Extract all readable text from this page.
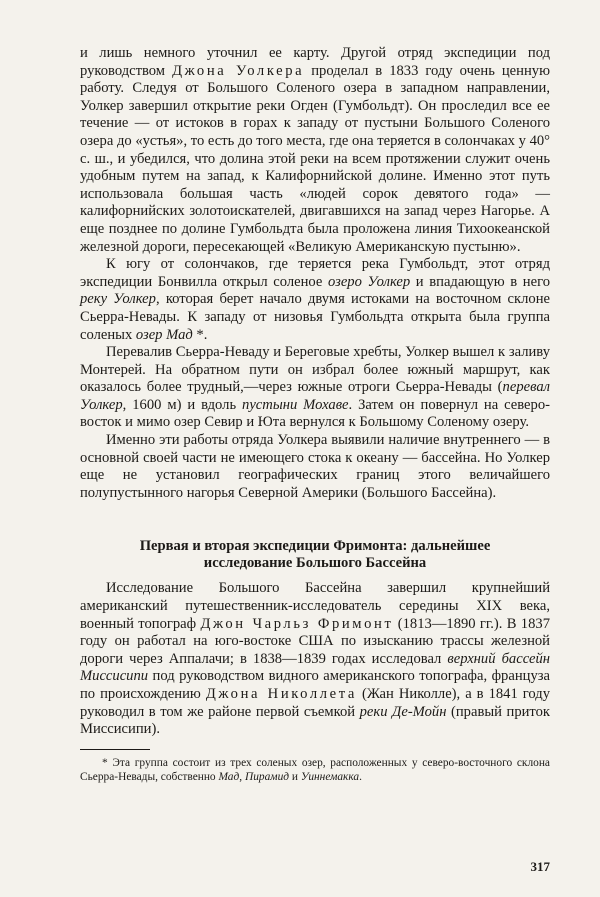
и лишь немного уточнил ее карту. Другой отряд экспедиции под руководством Джона Уолкера проделал в 1833 году очень ценную работу. Следуя от Большого Соленого озера в западном направлении, Уолкер завершил открытие реки Огден (Гумбольдт). Он проследил все ее течение — от истоков в горах к западу от пустыни Большого Соленого озера до «устья», то есть до того места, где она теряется в солончаках у 40° с. ш., и убедился, что долина этой реки на всем протяжении служит очень удобным путем на запад, к Калифорнийской долине. Именно этот путь использовала большая часть «людей сорок девятого года» — калифорнийских золотоискателей, двигавшихся на запад через Нагорье. А еще позднее по долине Гумбольдта была проложена линия Тихоокеанской железной дороги, пересекающей «Великую Американскую пустыню».

К югу от солончаков, где теряется река Гумбольдт, этот отряд экспедиции Бонвилла открыл соленое озеро Уолкер и впадающую в него реку Уолкер, которая берет начало двумя истоками на восточном склоне Сьерра-Невады. К западу от низовья Гумбольдта открыта была группа соленых озер Мад *.

Перевалив Сьерра-Неваду и Береговые хребты, Уолкер вышел к заливу Монтерей. На обратном пути он избрал более южный маршрут, как оказалось более трудный,—через южные отроги Сьерра-Невады (перевал Уолкер, 1600 м) и вдоль пустыни Мохаве. Затем он повернул на северо-восток и мимо озер Севир и Юта вернулся к Большому Соленому озеру.

Именно эти работы отряда Уолкера выявили наличие внутреннего — в основной своей части не имеющего стока к океану — бассейна. Но Уолкер еще не установил географических границ этого величайшего полупустынного нагорья Северной Америки (Большого Бассейна).

Первая и вторая экспедиции Фримонта: дальнейшее
исследование Большого Бассейна

Исследование Большого Бассейна завершил крупнейший американский путешественник-исследователь середины XIX века, военный топограф Джон Чарльз Фримонт (1813—1890 гг.). В 1837 году он работал на юго-востоке США по изысканию трассы железной дороги через Аппалачи; в 1838—1839 годах исследовал верхний бассейн Миссисипи под руководством видного американского топографа, француза по происхождению Джона Николлета (Жан Николле), а в 1841 году руководил в том же районе первой съемкой реки Де-Мойн (правый приток Миссисипи).

* Эта группа состоит из трех соленых озер, расположенных у северо-восточного склона Сьерра-Невады, собственно Мад, Пирамид и Уиннемакка.

317
